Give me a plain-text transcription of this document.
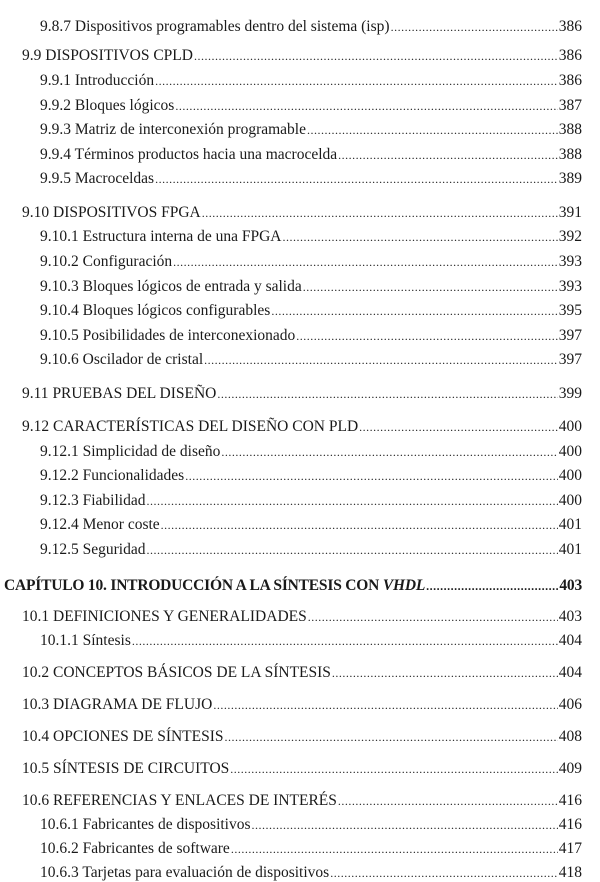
9.8.7 Dispositivos programables dentro del sistema (isp) .....	386
9.9 DISPOSITIVOS CPLD .....	386
9.9.1 Introducción .....	386
9.9.2 Bloques lógicos .....	387
9.9.3 Matriz de interconexión programable .....	388
9.9.4 Términos productos hacia una macrocelda .....	388
9.9.5 Macroceldas .....	389
9.10 DISPOSITIVOS FPGA .....	391
9.10.1 Estructura interna de una FPGA .....	392
9.10.2 Configuración .....	393
9.10.3 Bloques lógicos de entrada y salida .....	393
9.10.4 Bloques lógicos configurables .....	395
9.10.5 Posibilidades de interconexionado .....	397
9.10.6 Oscilador de cristal .....	397
9.11 PRUEBAS DEL DISEÑO .....	399
9.12 CARACTERÍSTICAS DEL DISEÑO CON PLD .....	400
9.12.1 Simplicidad de diseño .....	400
9.12.2 Funcionalidades .....	400
9.12.3 Fiabilidad .....	400
9.12.4 Menor coste .....	401
9.12.5 Seguridad .....	401
CAPÍTULO 10. INTRODUCCIÓN A LA SÍNTESIS CON VHDL .....	403
10.1 DEFINICIONES Y GENERALIDADES .....	403
10.1.1 Síntesis .....	404
10.2 CONCEPTOS BÁSICOS DE LA SÍNTESIS .....	404
10.3 DIAGRAMA DE FLUJO .....	406
10.4 OPCIONES DE SÍNTESIS .....	408
10.5 SÍNTESIS DE CIRCUITOS .....	409
10.6 REFERENCIAS Y ENLACES DE INTERÉS .....	416
10.6.1 Fabricantes de dispositivos .....	416
10.6.2 Fabricantes de software .....	417
10.6.3 Tarjetas para evaluación de dispositivos .....	418
